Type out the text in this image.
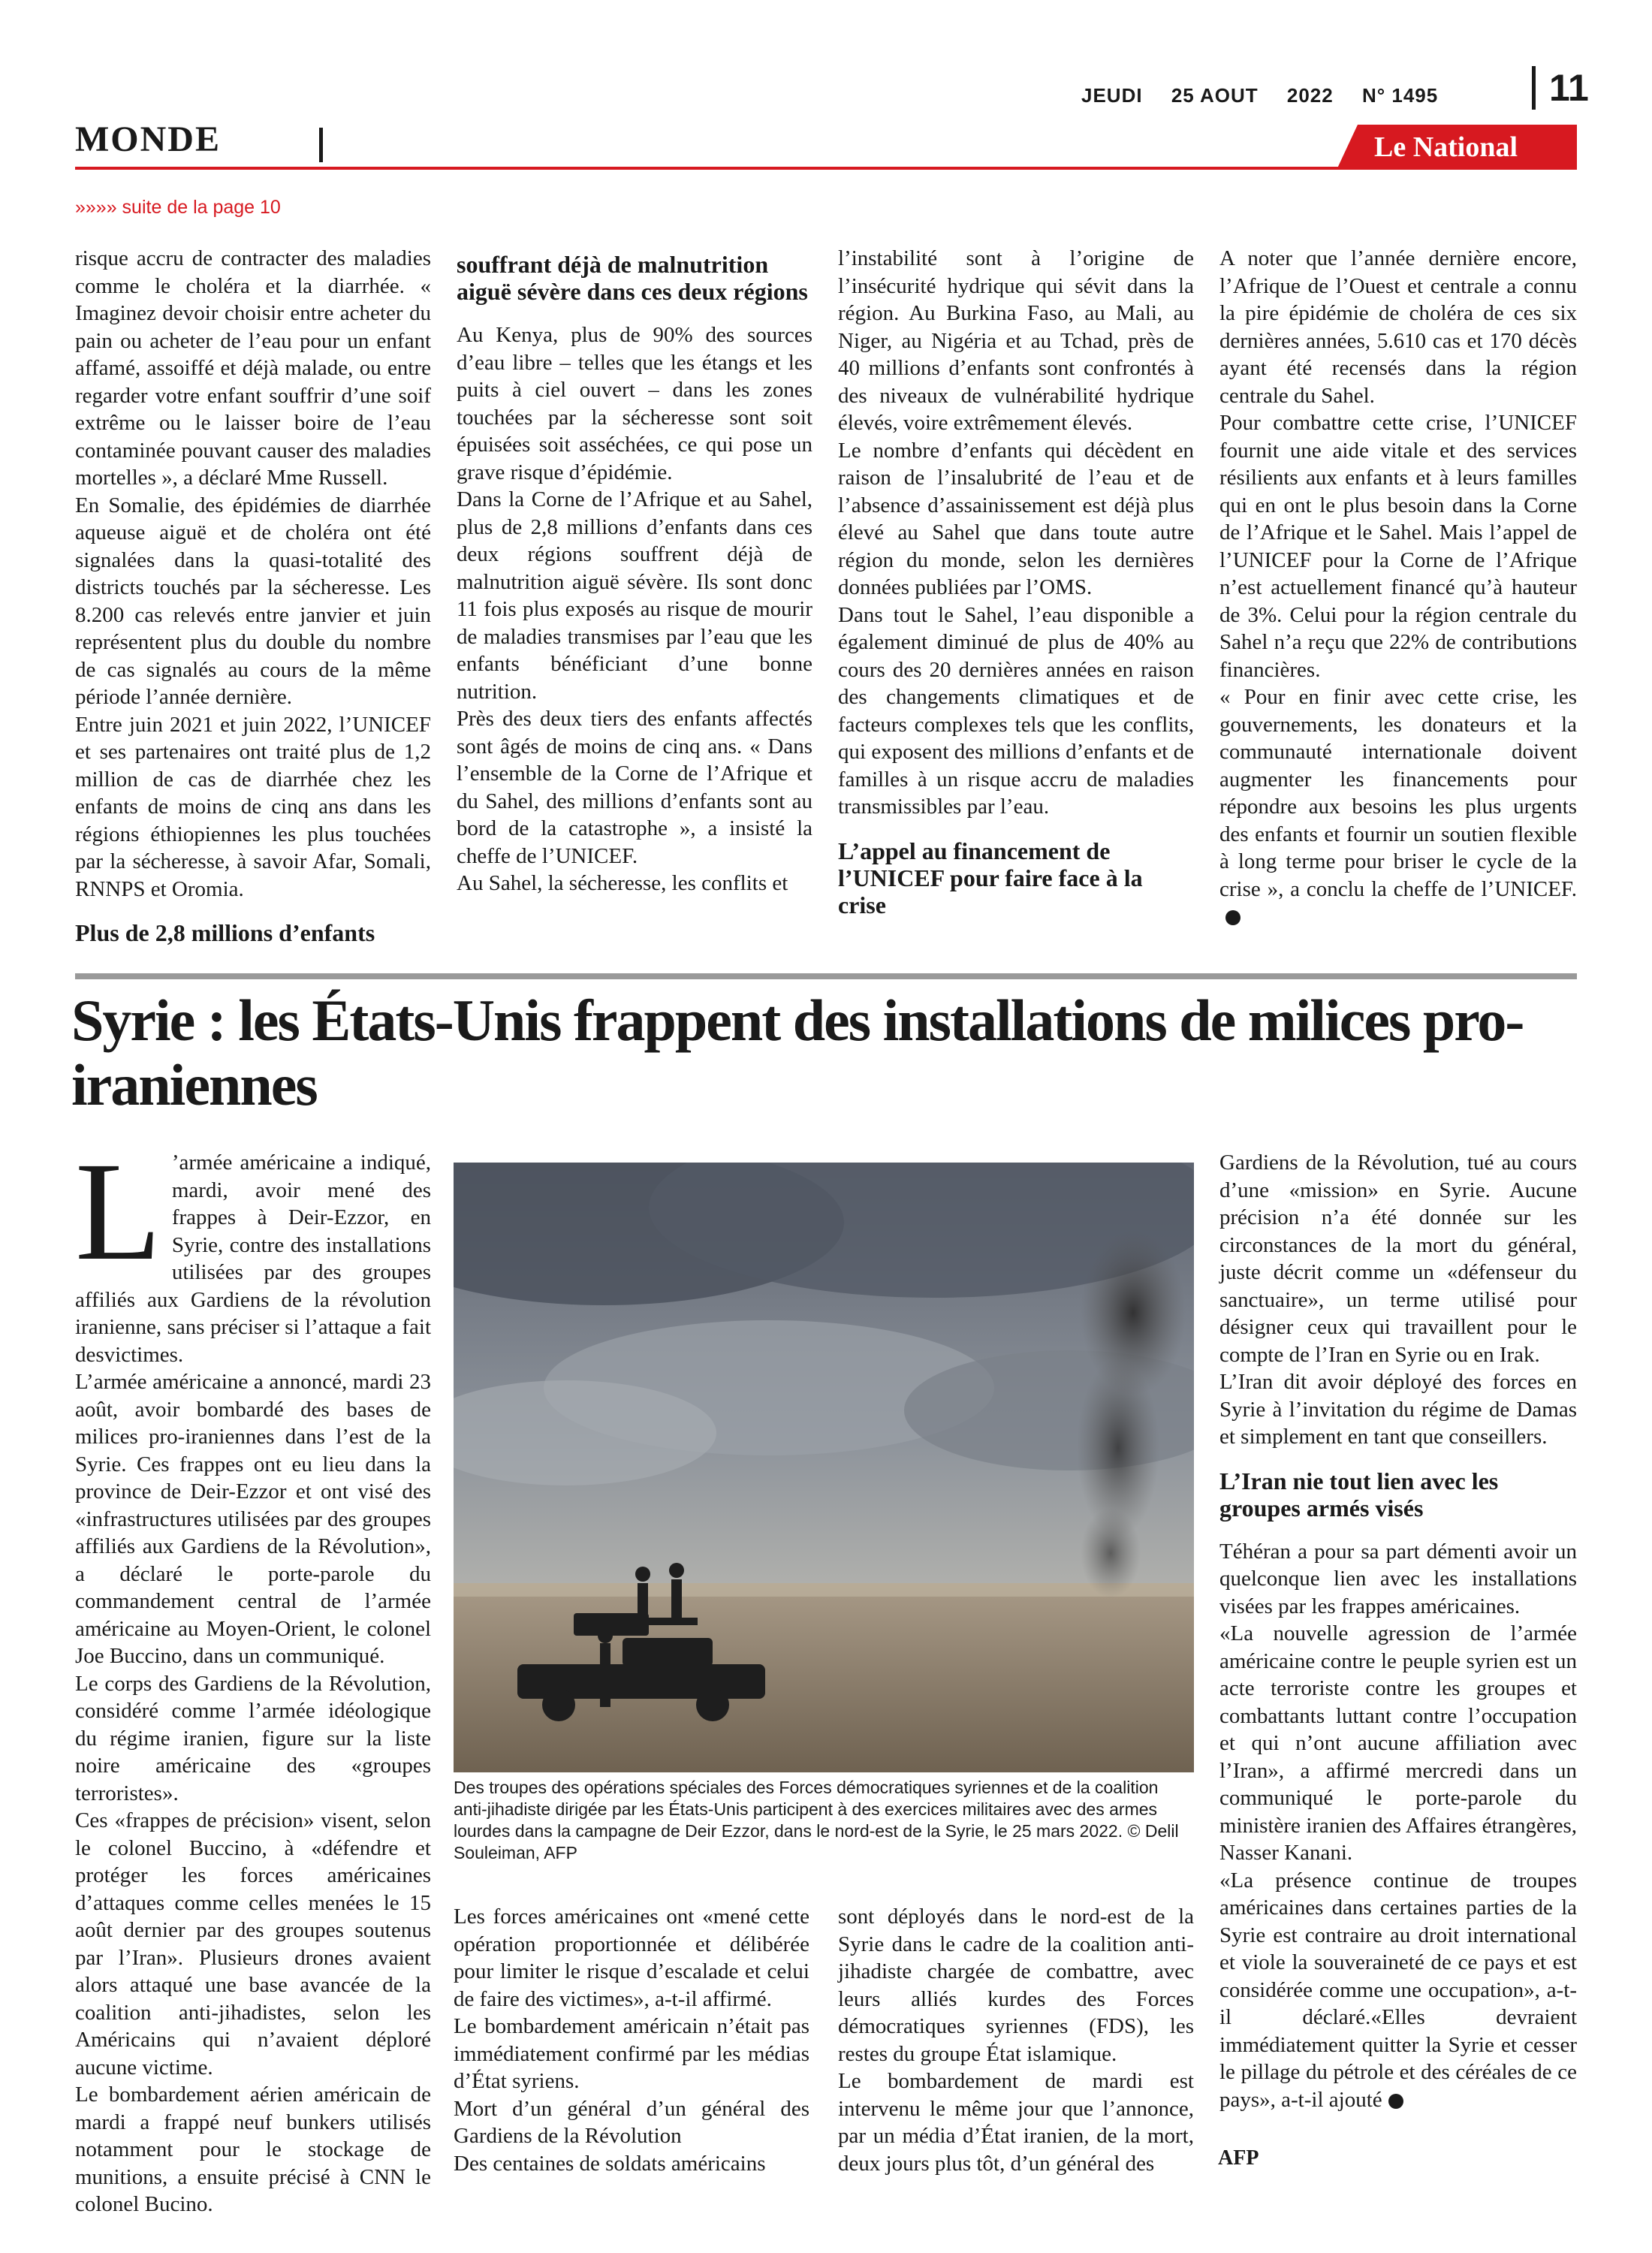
JEUDI 25 AOUT 2022 N° 1495	11
MONDE	Le National
»»»» suite de la page 10

risque accru de contracter des maladies comme le choléra et la diarrhée. « Imaginez devoir choisir entre acheter du pain ou acheter de l’eau pour un enfant affamé, assoiffé et déjà malade, ou entre regarder votre enfant souffrir d’une soif extrême ou le laisser boire de l’eau contaminée pouvant causer des maladies mortelles », a déclaré Mme Russell.

En Somalie, des épidémies de diarrhée aqueuse aiguë et de choléra ont été signalées dans la quasi-totalité des districts touchés par la sécheresse. Les 8.200 cas relevés entre janvier et juin représentent plus du double du nombre de cas signalés au cours de la même période l’année dernière.

Entre juin 2021 et juin 2022, l’UNICEF et ses partenaires ont traité plus de 1,2 million de cas de diarrhée chez les enfants de moins de cinq ans dans les régions éthiopiennes les plus touchées par la sécheresse, à savoir Afar, Somali, RNNPS et Oromia.

Plus de 2,8 millions d’enfants

souffrant déjà de malnutrition aiguë sévère dans ces deux régions

Au Kenya, plus de 90% des sources d’eau libre – telles que les étangs et les puits à ciel ouvert – dans les zones touchées par la sécheresse sont soit épuisées soit asséchées, ce qui pose un grave risque d’épidémie.

Dans la Corne de l’Afrique et au Sahel, plus de 2,8 millions d’enfants dans ces deux régions souffrent déjà de malnutrition aiguë sévère. Ils sont donc 11 fois plus exposés au risque de mourir de maladies transmises par l’eau que les enfants bénéficiant d’une bonne nutrition.

Près des deux tiers des enfants affectés sont âgés de moins de cinq ans. « Dans l’ensemble de la Corne de l’Afrique et du Sahel, des millions d’enfants sont au bord de la catastrophe », a insisté la cheffe de l’UNICEF.

Au Sahel, la sécheresse, les conflits et

l’instabilité sont à l’origine de l’insécurité hydrique qui sévit dans la région. Au Burkina Faso, au Mali, au Niger, au Nigéria et au Tchad, près de 40 millions d’enfants sont confrontés à des niveaux de vulnérabilité hydrique élevés, voire extrêmement élevés.

Le nombre d’enfants qui décèdent en raison de l’insalubrité de l’eau et de l’absence d’assainissement est déjà plus élevé au Sahel que dans toute autre région du monde, selon les dernières données publiées par l’OMS.

Dans tout le Sahel, l’eau disponible a également diminué de plus de 40% au cours des 20 dernières années en raison des changements climatiques et de facteurs complexes tels que les conflits, qui exposent des millions d’enfants et de familles à un risque accru de maladies transmissibles par l’eau.

L’appel au financement de l’UNICEF pour faire face à la crise

A noter que l’année dernière encore, l’Afrique de l’Ouest et centrale a connu la pire épidémie de choléra de ces six dernières années, 5.610 cas et 170 décès ayant été recensés dans la région centrale du Sahel.

Pour combattre cette crise, l’UNICEF fournit une aide vitale et des services résilients aux enfants et à leurs familles qui en ont le plus besoin dans la Corne de l’Afrique et le Sahel. Mais l’appel de l’UNICEF pour la Corne de l’Afrique n’est actuellement financé qu’à hauteur de 3%. Celui pour la région centrale du Sahel n’a reçu que 22% de contributions financières.

« Pour en finir avec cette crise, les gouvernements, les donateurs et la communauté internationale doivent augmenter les financements pour répondre aux besoins les plus urgents des enfants et fournir un soutien flexible à long terme pour briser le cycle de la crise », a conclu la cheffe de l’UNICEF.

Syrie : les États-Unis frappent des installations de milices pro-iraniennes

L ’armée américaine a indiqué, mardi, avoir mené des frappes à Deir-Ezzor, en Syrie, contre des installations utilisées par des groupes affiliés aux Gardiens de la révolution iranienne, sans préciser si l’attaque a fait desvictimes.

L’armée américaine a annoncé, mardi 23 août, avoir bombardé des bases de milices pro-iraniennes dans l’est de la Syrie. Ces frappes ont eu lieu dans la province de Deir-Ezzor et ont visé des «infrastructures utilisées par des groupes affiliés aux Gardiens de la Révolution», a déclaré le porte-parole du commandement central de l’armée américaine au Moyen-Orient, le colonel Joe Buccino, dans un communiqué.

Le corps des Gardiens de la Révolution, considéré comme l’armée idéologique du régime iranien, figure sur la liste noire américaine des «groupes terroristes».

Ces «frappes de précision» visent, selon le colonel Buccino, à «défendre et protéger les forces américaines d’attaques comme celles menées le 15 août dernier par des groupes soutenus par l’Iran». Plusieurs drones avaient alors attaqué une base avancée de la coalition anti-jihadistes, selon les Américains qui n’avaient déploré aucune victime.

Le bombardement aérien américain de mardi a frappé neuf bunkers utilisés notamment pour le stockage de munitions, a ensuite précisé à CNN le colonel Bucino.

Des troupes des opérations spéciales des Forces démocratiques syriennes et de la coalition anti-jihadiste dirigée par les États-Unis participent à des exercices militaires avec des armes lourdes dans la campagne de Deir Ezzor, dans le nord-est de la Syrie, le 25 mars 2022. © Delil Souleiman, AFP

Les forces américaines ont «mené cette opération proportionnée et délibérée pour limiter le risque d’escalade et celui de faire des victimes», a-t-il affirmé.

Le bombardement américain n’était pas immédiatement confirmé par les médias d’État syriens.

Mort d’un général d’un général des Gardiens de la Révolution

Des centaines de soldats américains

sont déployés dans le nord-est de la Syrie dans le cadre de la coalition anti-jihadiste chargée de combattre, avec leurs alliés kurdes des Forces démocratiques syriennes (FDS), les restes du groupe État islamique.

Le bombardement de mardi est intervenu le même jour que l’annonce, par un média d’État iranien, de la mort, deux jours plus tôt, d’un général des

Gardiens de la Révolution, tué au cours d’une «mission» en Syrie. Aucune précision n’a été donnée sur les circonstances de la mort du général, juste décrit comme un «défenseur du sanctuaire», un terme utilisé pour désigner ceux qui travaillent pour le compte de l’Iran en Syrie ou en Irak.

L’Iran dit avoir déployé des forces en Syrie à l’invitation du régime de Damas et simplement en tant que conseillers.

L’Iran nie tout lien avec les groupes armés visés

Téhéran a pour sa part démenti avoir un quelconque lien avec les installations visées par les frappes américaines.

«La nouvelle agression de l’armée américaine contre le peuple syrien est un acte terroriste contre les groupes et combattants luttant contre l’occupation et qui n’ont aucune affiliation avec l’Iran», a affirmé mercredi dans un communiqué le porte-parole du ministère iranien des Affaires étrangères, Nasser Kanani.

«La présence continue de troupes américaines dans certaines parties de la Syrie est contraire au droit international et viole la souveraineté de ce pays et est considérée comme une occupation», a-t-il déclaré.«Elles devraient immédiatement quitter la Syrie et cesser le pillage du pétrole et des céréales de ce pays», a-t-il ajouté

AFP
